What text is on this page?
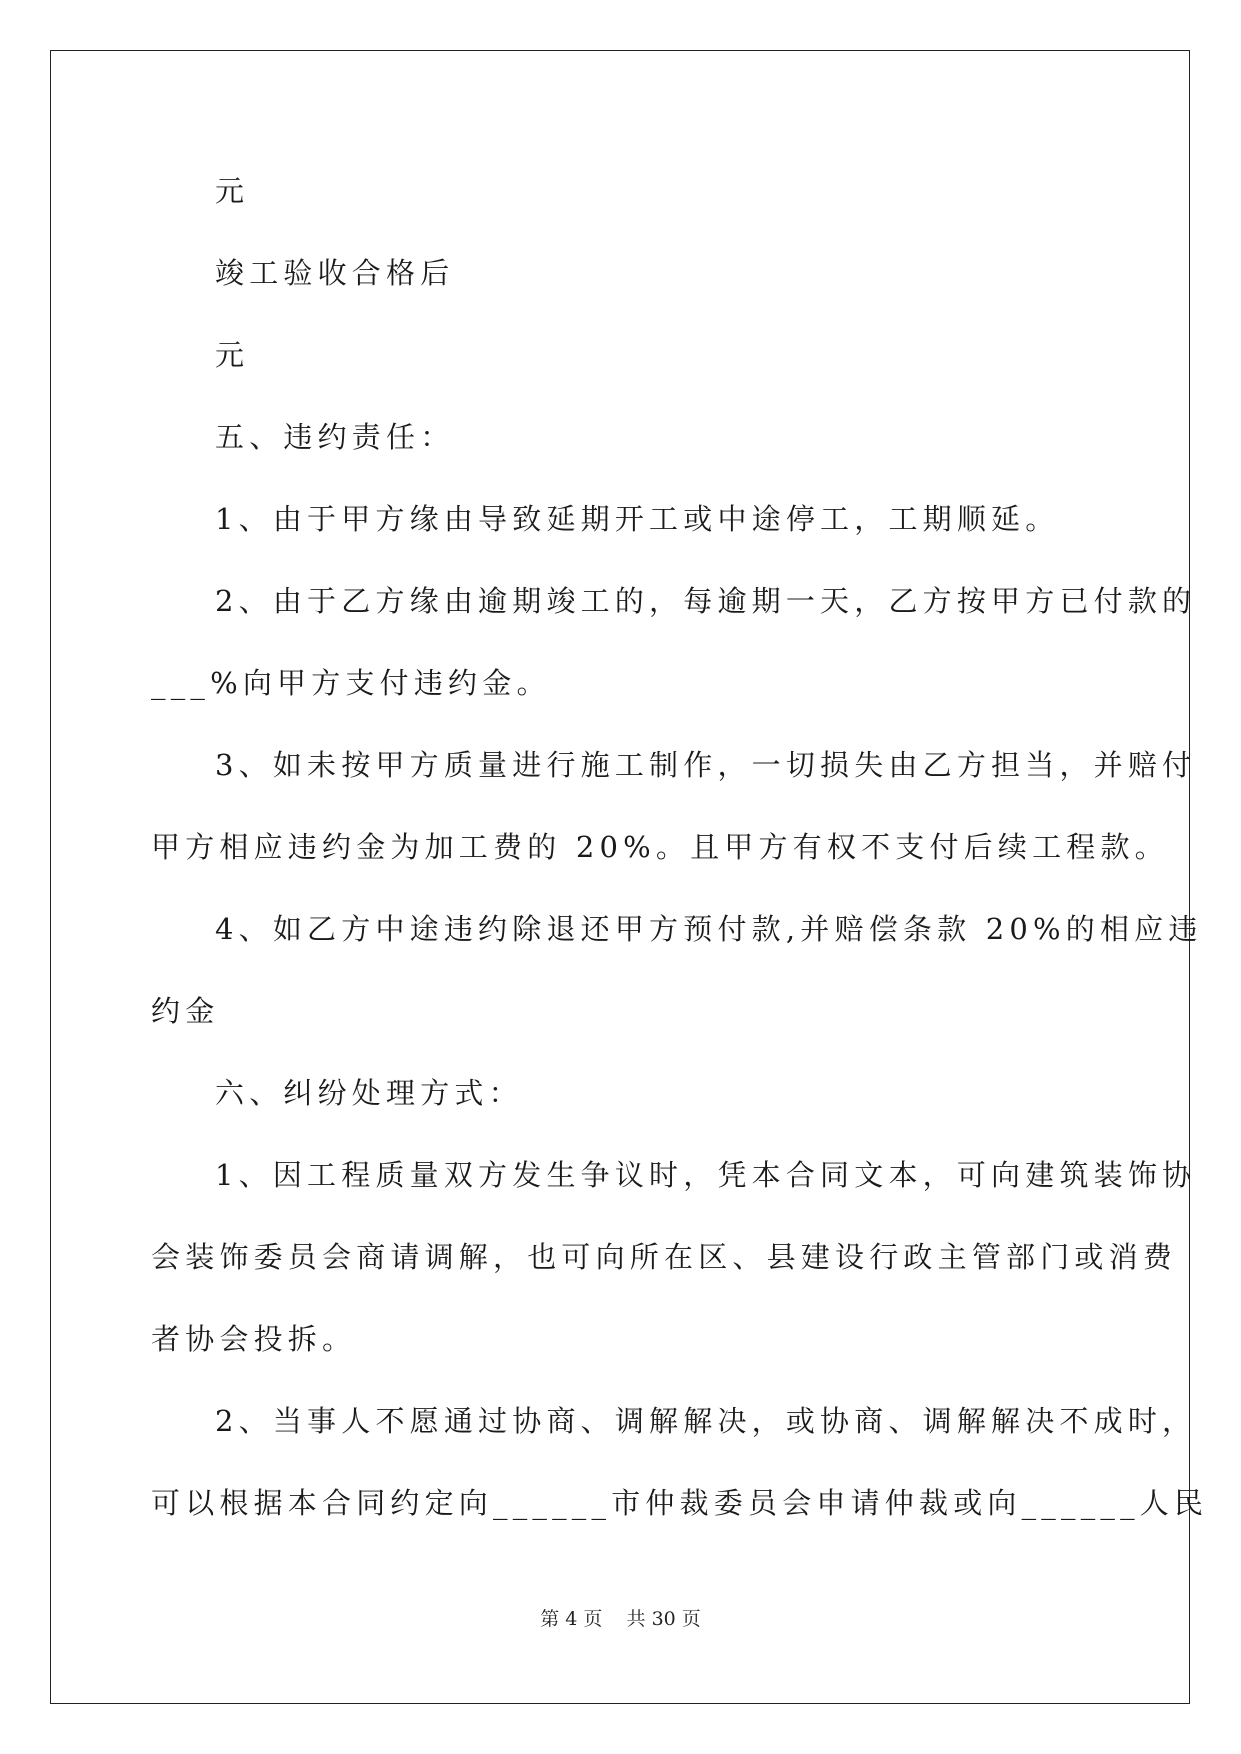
元
竣工验收合格后
元
五、违约责任：
1、由于甲方缘由导致延期开工或中途停工，工期顺延。
2、由于乙方缘由逾期竣工的，每逾期一天，乙方按甲方已付款的
___%向甲方支付违约金。
3、如未按甲方质量进行施工制作，一切损失由乙方担当，并赔付
甲方相应违约金为加工费的 20%。且甲方有权不支付后续工程款。
4、如乙方中途违约除退还甲方预付款,并赔偿条款 20%的相应违
约金
六、纠纷处理方式：
1、因工程质量双方发生争议时，凭本合同文本，可向建筑装饰协
会装饰委员会商请调解，也可向所在区、县建设行政主管部门或消费
者协会投拆。
2、当事人不愿通过协商、调解解决，或协商、调解解决不成时，
可以根据本合同约定向______市仲裁委员会申请仲裁或向______人民
第 4 页    共 30 页
